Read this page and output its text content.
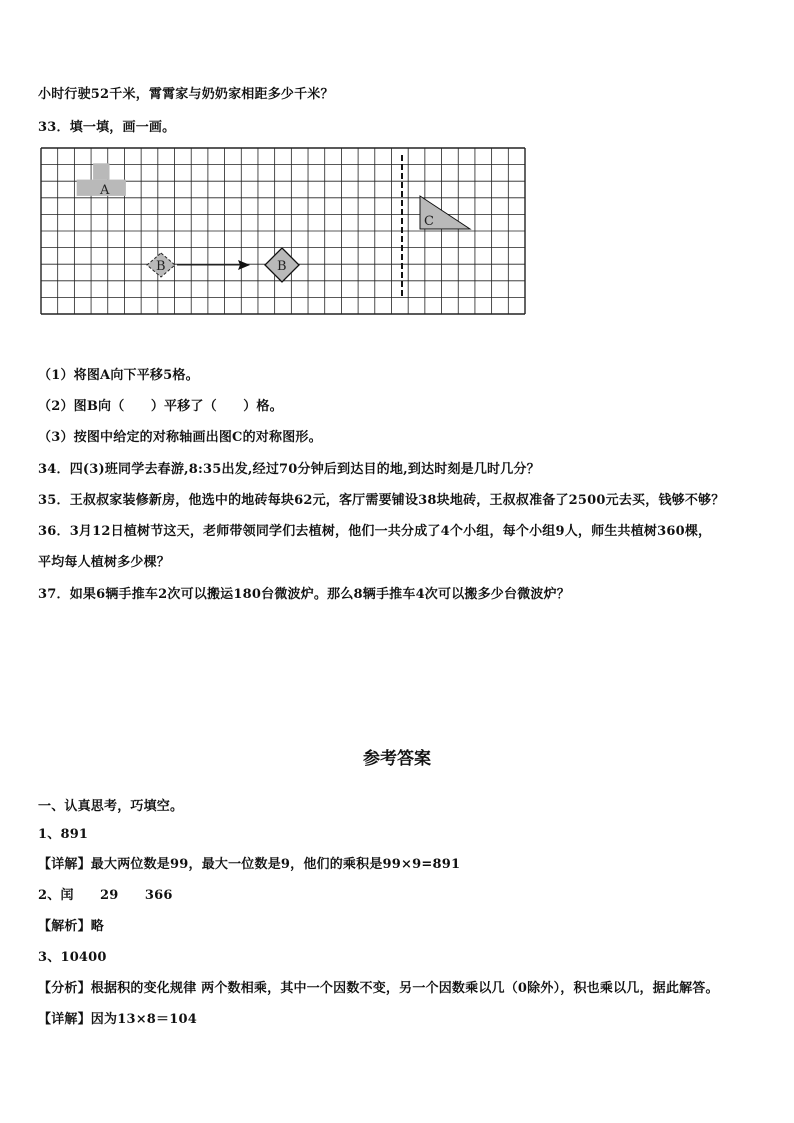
小时行驶52千米，霄霄家与奶奶家相距多少千米？
33．填一填，画一画。
A
B	B
C
（1）将图A向下平移5格。
（2）图B向（　　）平移了（　　）格。
（3）按图中给定的对称轴画出图C的对称图形。
34．四(3)班同学去春游,8:35出发,经过70分钟后到达目的地,到达时刻是几时几分？
35．王叔叔家装修新房，他选中的地砖每块62元，客厅需要铺设38块地砖，王叔叔准备了2500元去买，钱够不够？
36．3月12日植树节这天，老师带领同学们去植树，他们一共分成了4个小组，每个小组9人，师生共植树360棵，
平均每人植树多少棵？
37．如果6辆手推车2次可以搬运180台微波炉。那么8辆手推车4次可以搬多少台微波炉？
参考答案
一、认真思考，巧填空。
1、891
【详解】最大两位数是99，最大一位数是9，他们的乘积是99×9=891
2、闰　　29　　366
【解析】略
3、10400
【分析】根据积的变化规律 两个数相乘，其中一个因数不变，另一个因数乘以几（0除外），积也乘以几，据此解答。
【详解】因为13×8＝104
